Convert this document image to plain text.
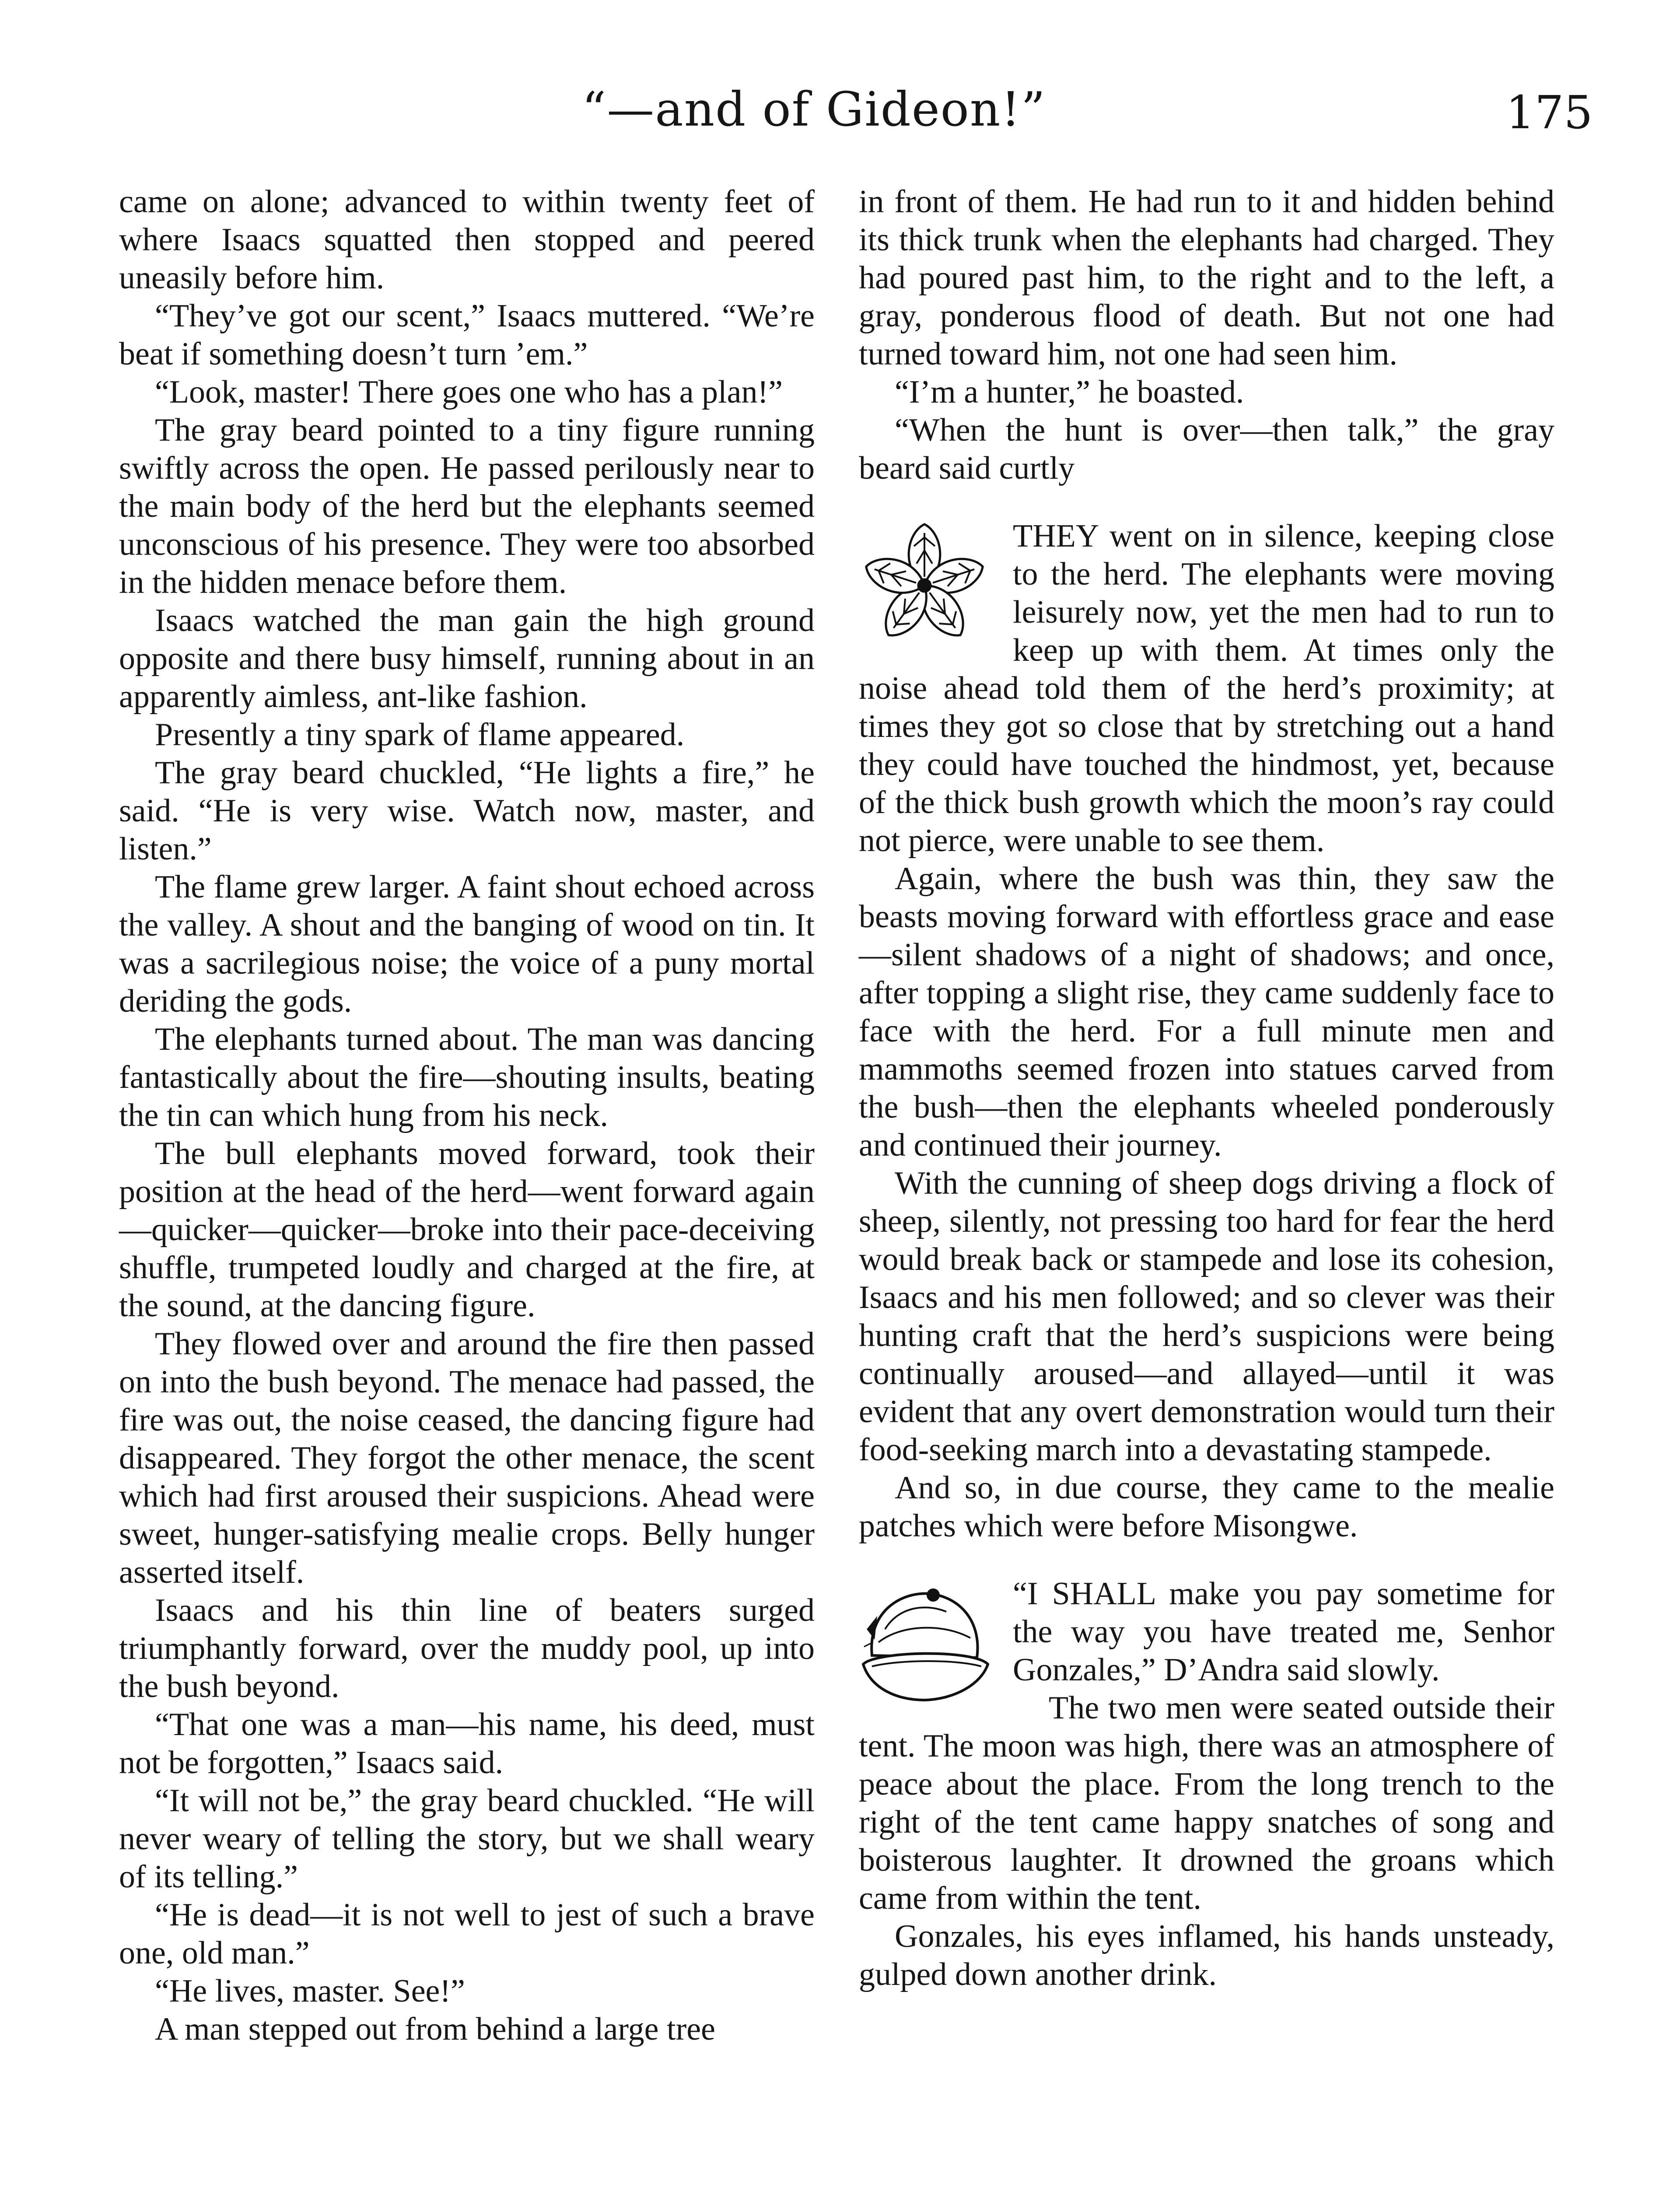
“—and of Gideon!”	175

came on alone; advanced to within twenty feet of where Isaacs squatted then stopped and peered uneasily before him.

“They’ve got our scent,” Isaacs muttered. “We’re beat if something doesn’t turn ’em.”

“Look, master! There goes one who has a plan!”

The gray beard pointed to a tiny figure running swiftly across the open. He passed perilously near to the main body of the herd but the elephants seemed unconscious of his presence. They were too absorbed in the hidden menace before them.

Isaacs watched the man gain the high ground opposite and there busy himself, running about in an apparently aimless, ant-like fashion.

Presently a tiny spark of flame appeared.

The gray beard chuckled, “He lights a fire,” he said. “He is very wise. Watch now, master, and listen.”

The flame grew larger. A faint shout echoed across the valley. A shout and the banging of wood on tin. It was a sacrilegious noise; the voice of a puny mortal deriding the gods.

The elephants turned about. The man was dancing fantastically about the fire—shouting insults, beating the tin can which hung from his neck.

The bull elephants moved forward, took their position at the head of the herd—went forward again—quicker—quicker—broke into their pace-deceiving shuffle, trumpeted loudly and charged at the fire, at the sound, at the dancing figure.

They flowed over and around the fire then passed on into the bush beyond. The menace had passed, the fire was out, the noise ceased, the dancing figure had disappeared. They forgot the other menace, the scent which had first aroused their suspicions. Ahead were sweet, hunger-satisfying mealie crops. Belly hunger asserted itself.

Isaacs and his thin line of beaters surged triumphantly forward, over the muddy pool, up into the bush beyond.

“That one was a man—his name, his deed, must not be forgotten,” Isaacs said.

“It will not be,” the gray beard chuckled. “He will never weary of telling the story, but we shall weary of its telling.”

“He is dead—it is not well to jest of such a brave one, old man.”

“He lives, master. See!”

A man stepped out from behind a large tree

in front of them. He had run to it and hidden behind its thick trunk when the elephants had charged. They had poured past him, to the right and to the left, a gray, ponderous flood of death. But not one had turned toward him, not one had seen him.

“I’m a hunter,” he boasted.

“When the hunt is over—then talk,” the gray beard said curtly

THEY went on in silence, keeping close to the herd. The elephants were moving leisurely now, yet the men had to run to keep up with them. At times only the noise ahead told them of the herd’s proximity; at times they got so close that by stretching out a hand they could have touched the hindmost, yet, because of the thick bush growth which the moon’s ray could not pierce, were unable to see them.

Again, where the bush was thin, they saw the beasts moving forward with effortless grace and ease—silent shadows of a night of shadows; and once, after topping a slight rise, they came suddenly face to face with the herd. For a full minute men and mammoths seemed frozen into statues carved from the bush—then the elephants wheeled ponderously and continued their journey.

With the cunning of sheep dogs driving a flock of sheep, silently, not pressing too hard for fear the herd would break back or stampede and lose its cohesion, Isaacs and his men followed; and so clever was their hunting craft that the herd’s suspicions were being continually aroused—and allayed—until it was evident that any overt demonstration would turn their food-seeking march into a devastating stampede.

And so, in due course, they came to the mealie patches which were before Misongwe.

“I SHALL make you pay sometime for the way you have treated me, Senhor Gonzales,” D’Andra said slowly.

The two men were seated outside their tent. The moon was high, there was an atmosphere of peace about the place. From the long trench to the right of the tent came happy snatches of song and boisterous laughter. It drowned the groans which came from within the tent.

Gonzales, his eyes inflamed, his hands unsteady, gulped down another drink.
